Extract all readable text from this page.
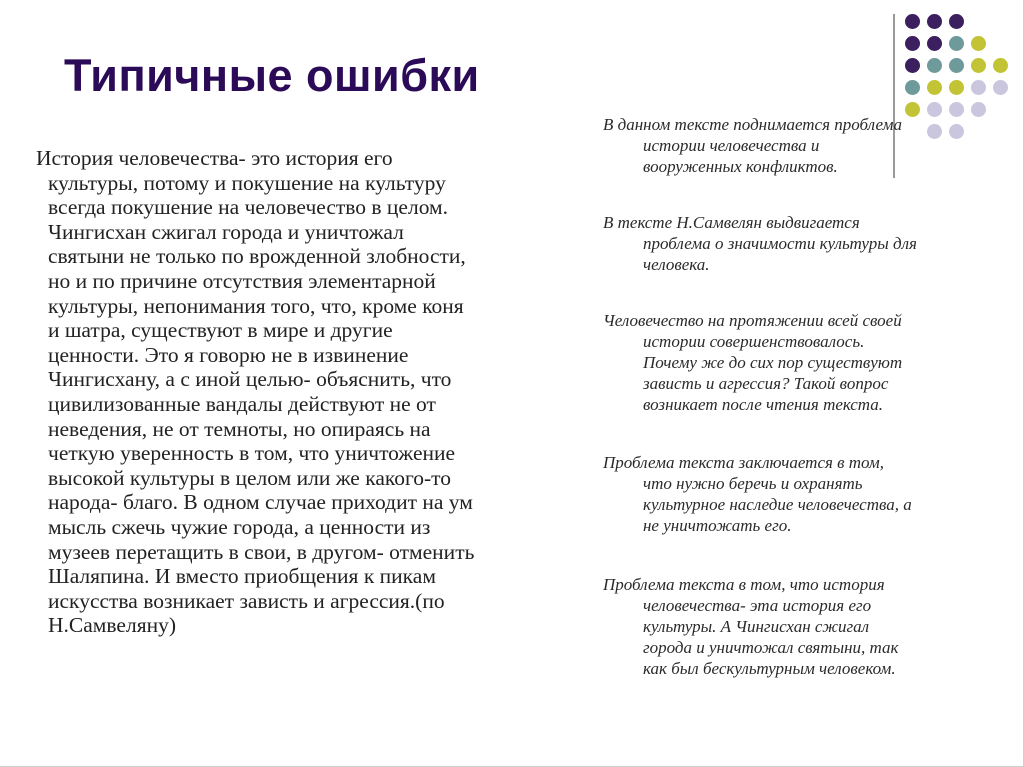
Типичные ошибки
История человечества- это история его
культуры, потому и покушение на культуру
всегда покушение на человечество в целом.
Чингисхан сжигал города и уничтожал
святыни не только по врожденной злобности,
но и по причине отсутствия элементарной
культуры, непонимания того, что, кроме коня
и шатра, существуют в мире и другие
ценности. Это я говорю не в извинение
Чингисхану, а с иной целью- объяснить, что
цивилизованные вандалы действуют не от
неведения, не от темноты, но опираясь на
четкую уверенность в том, что уничтожение
высокой культуры в целом или же какого-то
народа- благо. В одном случае приходит на ум
мысль сжечь чужие города, а ценности из
музеев перетащить в свои, в другом- отменить
Шаляпина. И вместо приобщения к пикам
искусства возникает зависть и агрессия.(по
Н.Самвеляну)
В данном тексте поднимается проблема
истории человечества и
вооруженных конфликтов.
В тексте Н.Самвелян выдвигается
проблема о значимости культуры для
человека.
Человечество на протяжении всей своей
истории совершенствовалось.
Почему же до сих пор существуют
зависть и агрессия? Такой вопрос
возникает после чтения текста.
Проблема текста заключается в том,
что нужно беречь и охранять
культурное наследие человечества, а
не уничтожать его.
Проблема текста в том, что история
человечества- эта история его
культуры. А Чингисхан сжигал
города и уничтожал святыни, так
как был бескультурным человеком.
